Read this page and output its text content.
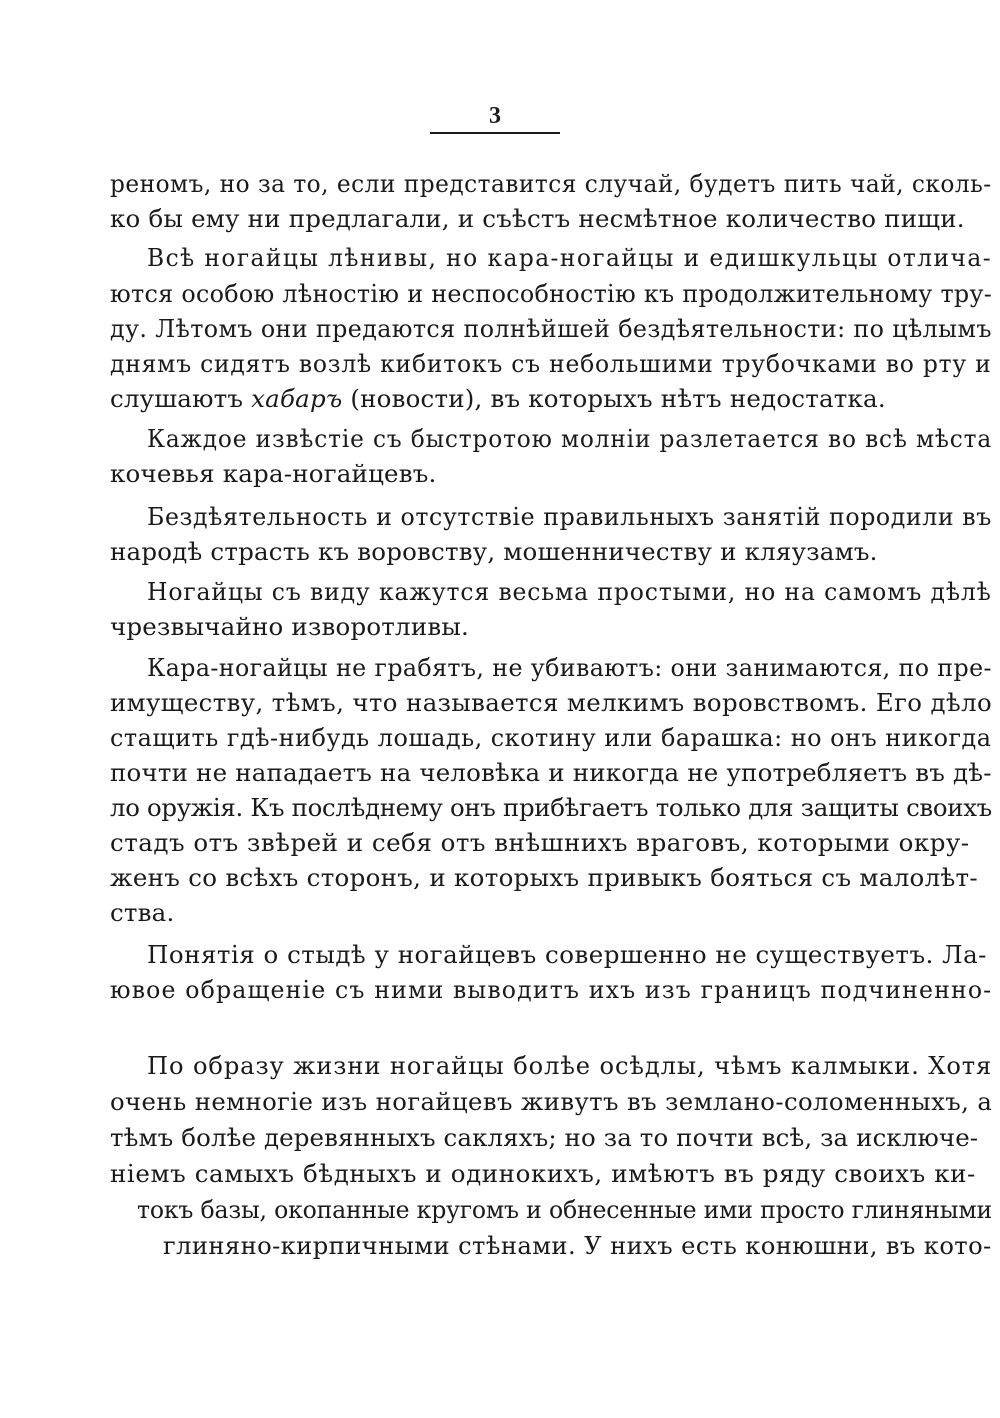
3
реномъ, но за то, если представится случай, будетъ пить чай, сколь-
ко бы ему ни предлагали, и съѣстъ несмѣтное количество пищи.
Всѣ ногайцы лѣнивы, но кара-ногайцы и едишкульцы отлича-
ются особою лѣностію и неспособностію къ продолжительному тру-
ду. Лѣтомъ они предаются полнѣйшей бездѣятельности: по цѣлымъ
днямъ сидятъ возлѣ кибитокъ съ небольшими трубочками во рту и
слушаютъ хабаръ (новости), въ которыхъ нѣтъ недостатка.
Каждое извѣстіе съ быстротою молніи разлетается во всѣ мѣста
кочевья кара-ногайцевъ.
Бездѣятельность и отсутствіе правильныхъ занятій породили въ
народѣ страсть къ воровству, мошенничеству и кляузамъ.
Ногайцы съ виду кажутся весьма простыми, но на самомъ дѣлѣ
чрезвычайно изворотливы.
Кара-ногайцы не грабятъ, не убиваютъ: они занимаются, по пре-
имуществу, тѣмъ, что называется мелкимъ воровствомъ. Его дѣло
стащить гдѣ-нибудь лошадь, скотину или барашка: но онъ никогда
почти не нападаетъ на человѣка и никогда не употребляетъ въ дѣ-
ло оружія. Къ послѣднему онъ прибѣгаетъ только для защиты своихъ
стадъ отъ звѣрей и себя отъ внѣшнихъ враговъ, которыми окру-
женъ со всѣхъ сторонъ, и которыхъ привыкъ бояться съ малолѣт-
ства.
Понятія о стыдѣ у ногайцевъ совершенно не существуетъ. Ла-
ювое обращеніе съ ними выводитъ ихъ изъ границъ подчиненно-
По образу жизни ногайцы болѣе осѣдлы, чѣмъ калмыки. Хотя
очень немногіе изъ ногайцевъ живутъ въ землано-соломенныхъ, а
тѣмъ болѣе деревянныхъ сакляхъ; но за то почти всѣ, за исключе-
ніемъ самыхъ бѣдныхъ и одинокихъ, имѣютъ въ ряду своихъ ки-
токъ базы, окопанные кругомъ и обнесенные ими просто глиняными
глиняно-кирпичными стѣнами. У нихъ есть конюшни, въ кото-
